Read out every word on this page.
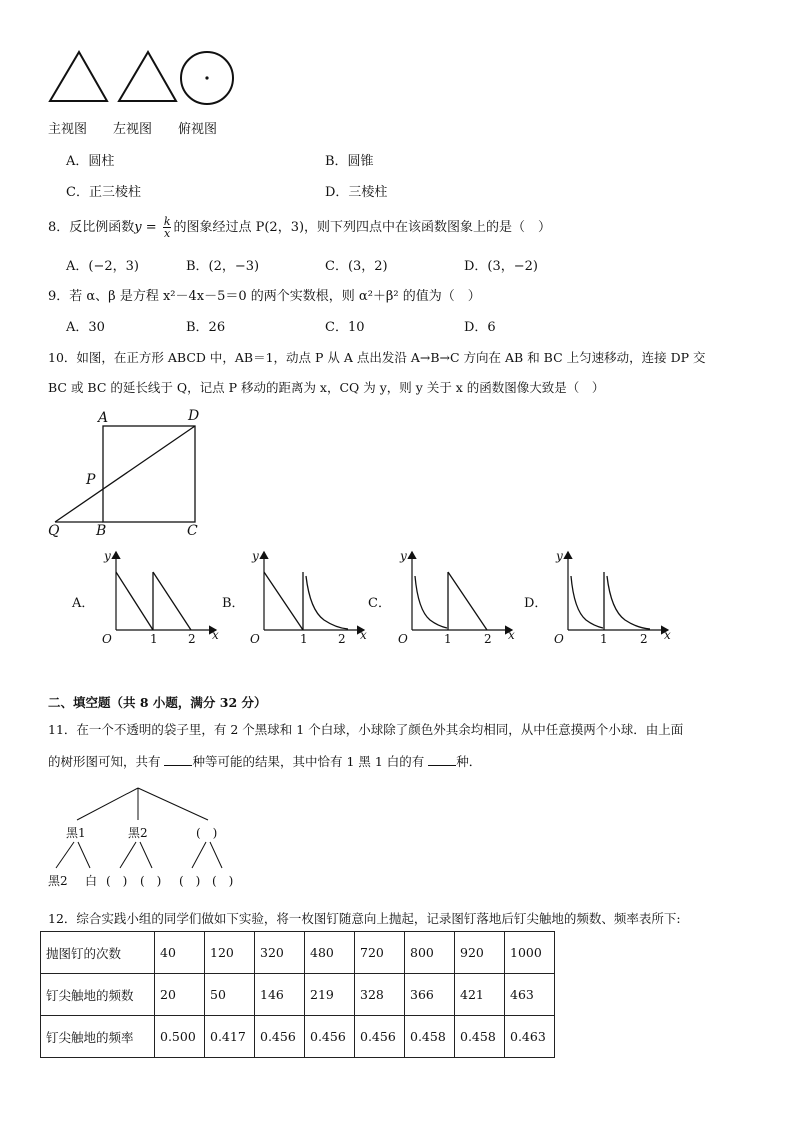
主视图 左视图 俯视图
A．圆柱	B．圆锥
C．正三棱柱	D．三棱柱
8．反比例函数$y = \frac{k}{x}$ 的图象经过点 P(2，3)，则下列四点中在该函数图象上的是（　）
A．(−2，3)	B．(2，−3)	C．(3，2)	D．(3，−2)
9．若 α、β 是方程 x²－4x－5＝0 的两个实数根，则 α²＋β² 的值为（　）
A．30	B．26	C．10	D．6
10．如图，在正方形 ABCD 中，AB＝1，动点 P 从 A 点出发沿 A→B→C 方向在 AB 和 BC 上匀速移动，连接 DP 交
BC 或 BC 的延长线于 Q，记点 P 移动的距离为 x，CQ 为 y，则 y 关于 x 的函数图像大致是（　）
A	D
P
Q	B	C
A．
y
x
O	1	2
B．
y
x
O	1	2
C．
y
x
O	1	2
D．
y
x
O	1	2
二、填空题（共 8 小题，满分 32 分）
11．在一个不透明的袋子里，有 2 个黑球和 1 个白球，小球除了颜色外其余均相同，从中任意摸两个小球．由上面
的树形图可知，共有 种等可能的结果，其中恰有 1 黑 1 白的有 种．
黑1	黑2	(　)
黑2 白 (　) (　) (　) (　)
12．综合实践小组的同学们做如下实验，将一枚图钉随意向上抛起，记录图钉落地后钉尖触地的频数、频率表所下:
抛图钉的次数	40	120	320	480	720	800	920	1000
钉尖触地的频数	20	50	146	219	328	366	421	463
钉尖触地的频率	0.500	0.417	0.456	0.456	0.456	0.458	0.458	0.463
